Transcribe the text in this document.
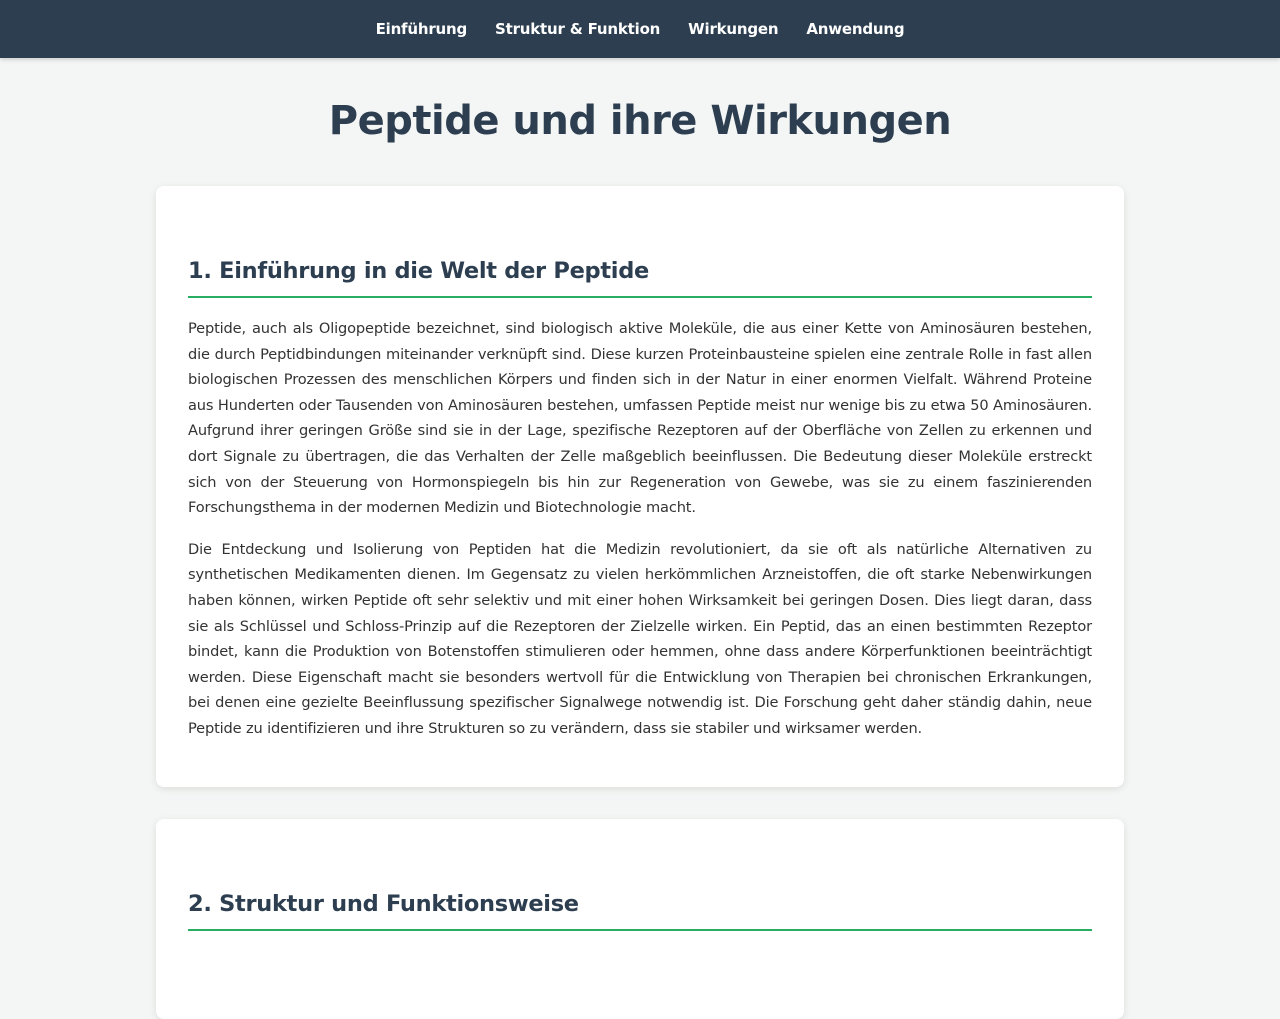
Einführung Struktur & Funktion Wirkungen Anwendung
Peptide und ihre Wirkungen
1. Einführung in die Welt der Peptide

Peptide, auch als Oligopeptide bezeichnet, sind biologisch aktive Moleküle, die aus einer Kette von Aminosäuren bestehen, die durch Peptidbindungen miteinander verknüpft sind. Diese kurzen Proteinbausteine spielen eine zentrale Rolle in fast allen biologischen Prozessen des menschlichen Körpers und finden sich in der Natur in einer enormen Vielfalt. Während Proteine aus Hunderten oder Tausenden von Aminosäuren bestehen, umfassen Peptide meist nur wenige bis zu etwa 50 Aminosäuren. Aufgrund ihrer geringen Größe sind sie in der Lage, spezifische Rezeptoren auf der Oberfläche von Zellen zu erkennen und dort Signale zu übertragen, die das Verhalten der Zelle maßgeblich beeinflussen. Die Bedeutung dieser Moleküle erstreckt sich von der Steuerung von Hormonspiegeln bis hin zur Regeneration von Gewebe, was sie zu einem faszinierenden Forschungsthema in der modernen Medizin und Biotechnologie macht.

Die Entdeckung und Isolierung von Peptiden hat die Medizin revolutioniert, da sie oft als natürliche Alternativen zu synthetischen Medikamenten dienen. Im Gegensatz zu vielen herkömmlichen Arzneistoffen, die oft starke Nebenwirkungen haben können, wirken Peptide oft sehr selektiv und mit einer hohen Wirksamkeit bei geringen Dosen. Dies liegt daran, dass sie als Schlüssel und Schloss-Prinzip auf die Rezeptoren der Zielzelle wirken. Ein Peptid, das an einen bestimmten Rezeptor bindet, kann die Produktion von Botenstoffen stimulieren oder hemmen, ohne dass andere Körperfunktionen beeinträchtigt werden. Diese Eigenschaft macht sie besonders wertvoll für die Entwicklung von Therapien bei chronischen Erkrankungen, bei denen eine gezielte Beeinflussung spezifischer Signalwege notwendig ist. Die Forschung geht daher ständig dahin, neue Peptide zu identifizieren und ihre Strukturen so zu verändern, dass sie stabiler und wirksamer werden.

2. Struktur und Funktionsweise
